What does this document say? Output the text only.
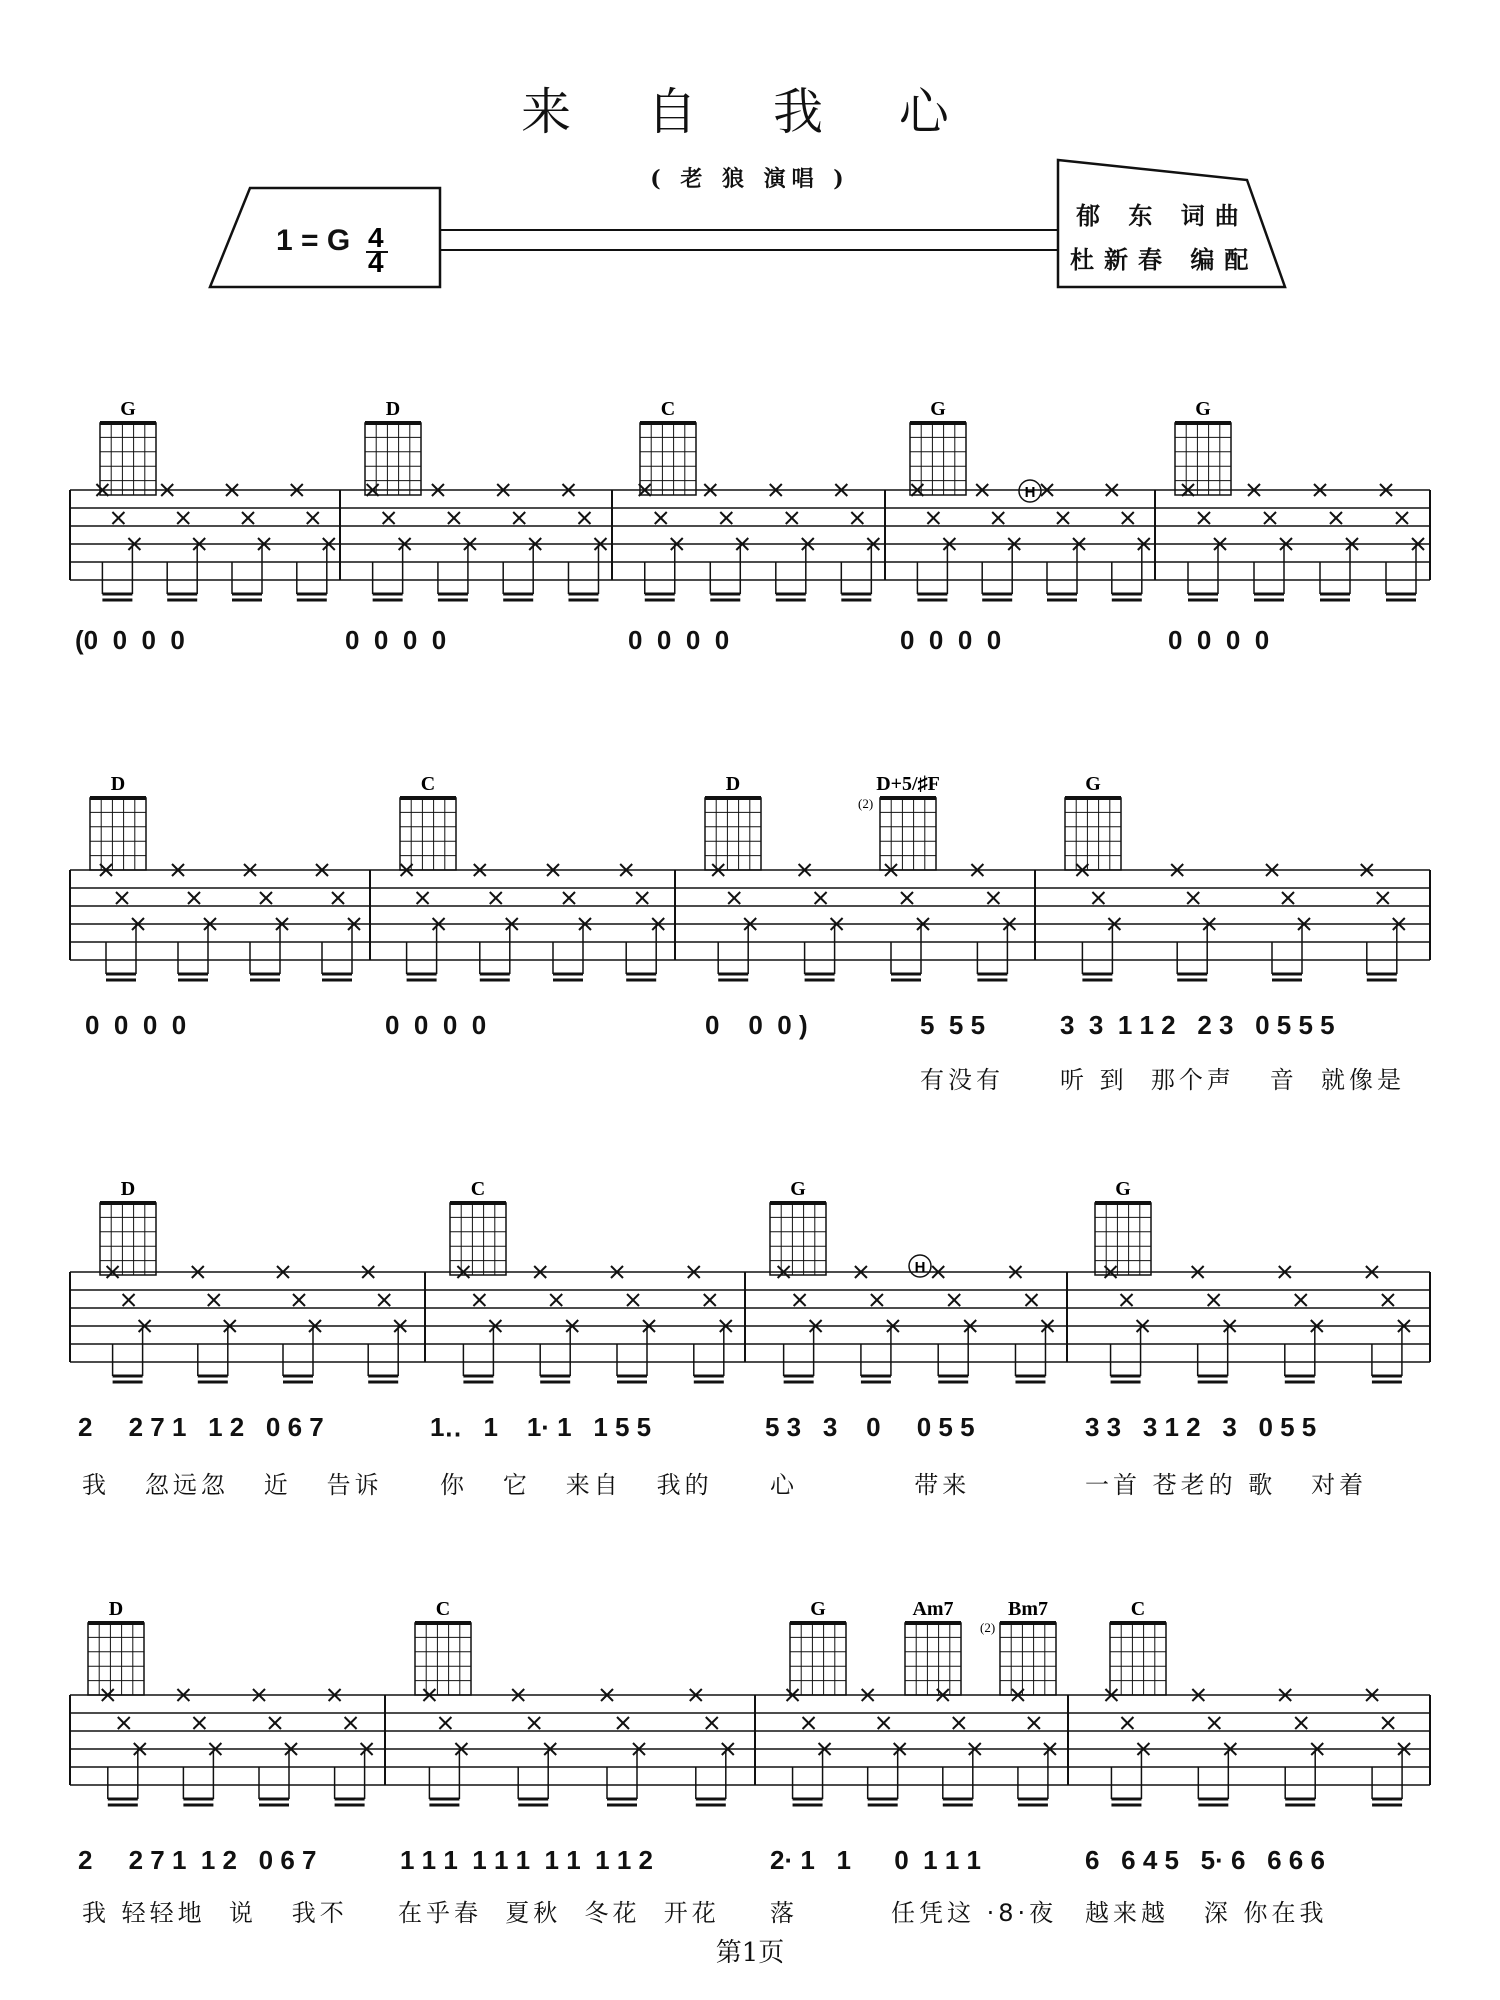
来 自 我 心
( 老 狼 演唱 )
4
4
1 = G
郁 东 词曲
杜新春 编配
G	D	C	G	G
D	C	D	D+5/♯F	G
D	C	G	G
D	C	G	Am7	Bm7	C
H
H
(2)
(2)
(0  0  0  0	0  0  0  0	0  0  0  0	0  0  0  0	0  0  0  0
0  0  0  0	0  0  0  0	0    0  0 )	5  5 5	3  3  1 1 2   2 3   0 5 5 5
有没有 听 到  那个声   音  就像是
2     2 7 1   1 2   0 6 7	1‥   1    1· 1   1 5 5	5 3   3    0     0 5 5	3 3   3 1 2   3   0 5 5
我   忽远忽   近   告诉 你   它   来自   我的 心          带来	一首 苍老的 歌   对着
2     2 7 1  1 2   0 6 7	1 1 1  1 1 1  1 1  1 1 2	2· 1   1      0  1 1 1	6   6 4 5   5· 6   6 6 6
我 轻轻地  说   我不 在乎春  夏秋  冬花  开花 落        任凭这 ·8·夜 越来越   深 你在我
第1页
